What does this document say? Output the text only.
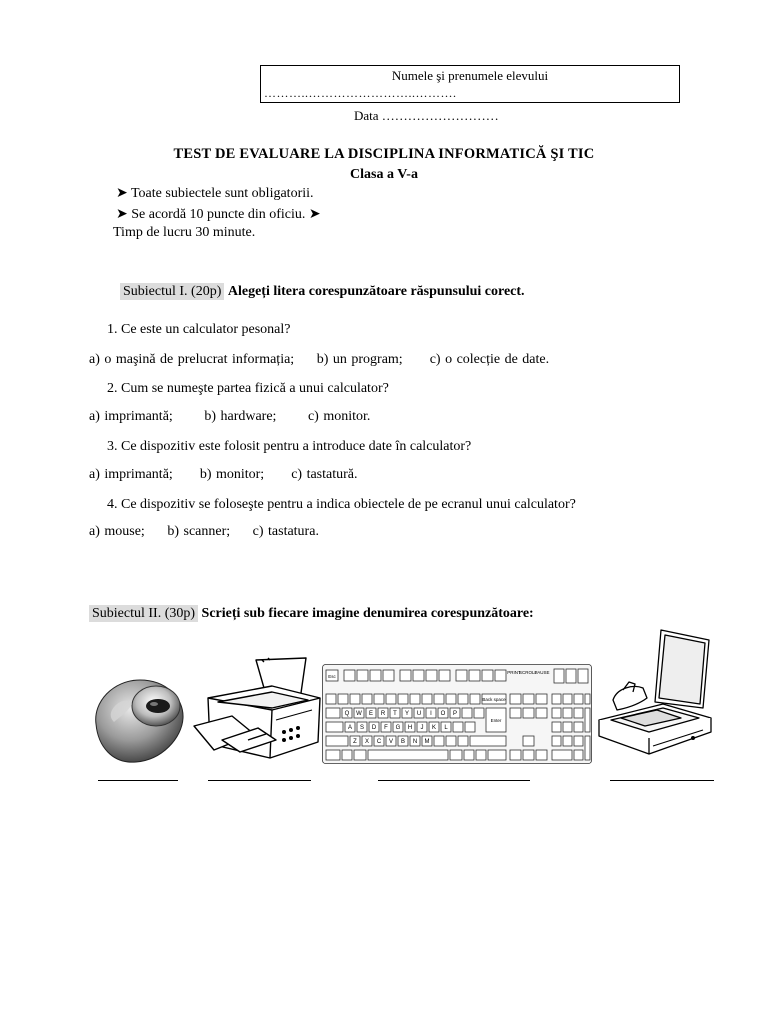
Numele şi prenumele elevului
………..……………………..……….
Data ………………………
TEST DE EVALUARE LA DISCIPLINA INFORMATICĂ ŞI TIC
Clasa a V-a
➤ Toate subiectele sunt obligatorii.
➤ Se acordă 10 puncte din oficiu. ➤
Timp de lucru 30 minute.
Subiectul I. (20p) Alegeți litera corespunzătoare răspunsului corect.
1. Ce este un calculator pesonal?
a) o maşină de prelucrat informația; b) un program; c) o colecție de date.
2. Cum se numeşte partea fizică a unui calculator?
a) imprimantă; b) hardware; c) monitor.
3. Ce dispozitiv este folosit pentru a introduce date în calculator?
a) imprimantă; b) monitor; c) tastatură.
4. Ce dispozitiv se foloseşte pentru a indica obiectele de pe ecranul unui calculator?
a) mouse; b) scanner; c) tastatura.
Subiectul II. (30p) Scrieți sub fiecare imagine denumirea corespunzătoare:
Esc
Back space
Enter
PRINT
SCROLL
PAUSE
Q W E R T Y U I O P
A S D F G H J K L
Z X C V B N M
